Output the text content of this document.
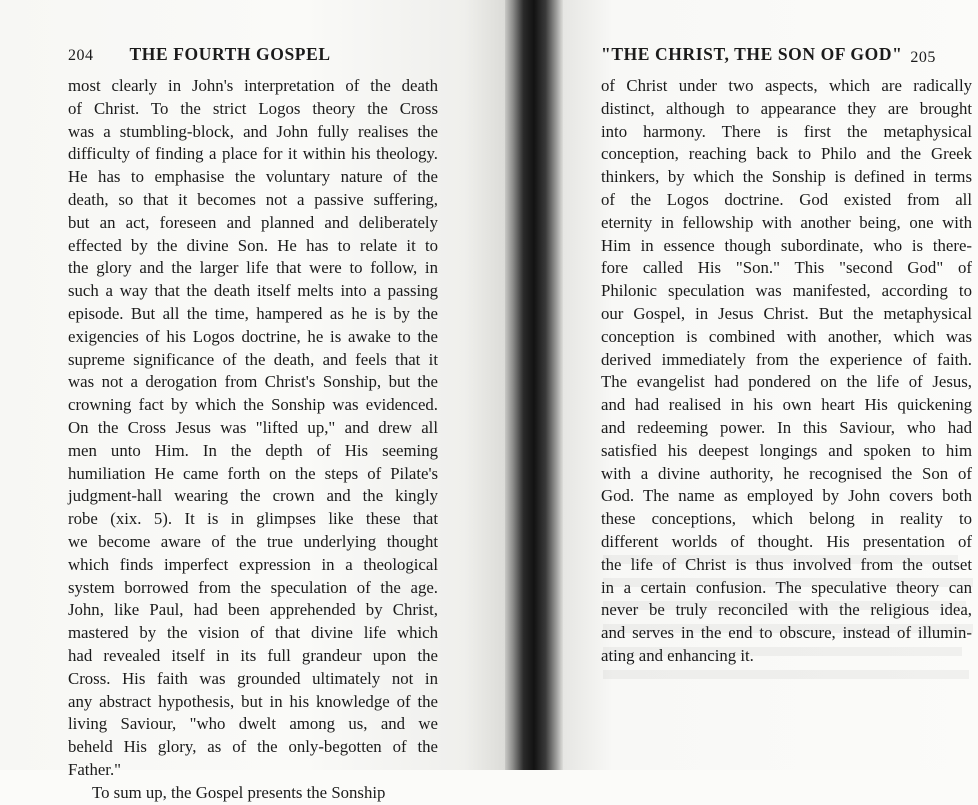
204 THE FOURTH GOSPEL
most clearly in John's interpretation of the death
of Christ. To the strict Logos theory the Cross
was a stumbling-block, and John fully realises the
difficulty of finding a place for it within his theology.
He has to emphasise the voluntary nature of the
death, so that it becomes not a passive suffering,
but an act, foreseen and planned and deliberately
effected by the divine Son. He has to relate it to
the glory and the larger life that were to follow, in
such a way that the death itself melts into a passing
episode. But all the time, hampered as he is by the
exigencies of his Logos doctrine, he is awake to the
supreme significance of the death, and feels that it
was not a derogation from Christ's Sonship, but the
crowning fact by which the Sonship was evidenced.
On the Cross Jesus was "lifted up," and drew all
men unto Him. In the depth of His seeming
humiliation He came forth on the steps of Pilate's
judgment-hall wearing the crown and the kingly
robe (xix. 5). It is in glimpses like these that
we become aware of the true underlying thought
which finds imperfect expression in a theological
system borrowed from the speculation of the age.
John, like Paul, had been apprehended by Christ,
mastered by the vision of that divine life which
had revealed itself in its full grandeur upon the
Cross. His faith was grounded ultimately not in
any abstract hypothesis, but in his knowledge of the
living Saviour, "who dwelt among us, and we
beheld His glory, as of the only-begotten of the
Father."
To sum up, the Gospel presents the Sonship
"THE CHRIST, THE SON OF GOD" 205
of Christ under two aspects, which are radically
distinct, although to appearance they are brought
into harmony. There is first the metaphysical
conception, reaching back to Philo and the Greek
thinkers, by which the Sonship is defined in terms
of the Logos doctrine. God existed from all
eternity in fellowship with another being, one with
Him in essence though subordinate, who is there-
fore called His "Son." This "second God" of
Philonic speculation was manifested, according to
our Gospel, in Jesus Christ. But the metaphysical
conception is combined with another, which was
derived immediately from the experience of faith.
The evangelist had pondered on the life of Jesus,
and had realised in his own heart His quickening
and redeeming power. In this Saviour, who had
satisfied his deepest longings and spoken to him
with a divine authority, he recognised the Son of
God. The name as employed by John covers both
these conceptions, which belong in reality to
different worlds of thought. His presentation of
the life of Christ is thus involved from the outset
in a certain confusion. The speculative theory can
never be truly reconciled with the religious idea,
and serves in the end to obscure, instead of illumin-
ating and enhancing it.
